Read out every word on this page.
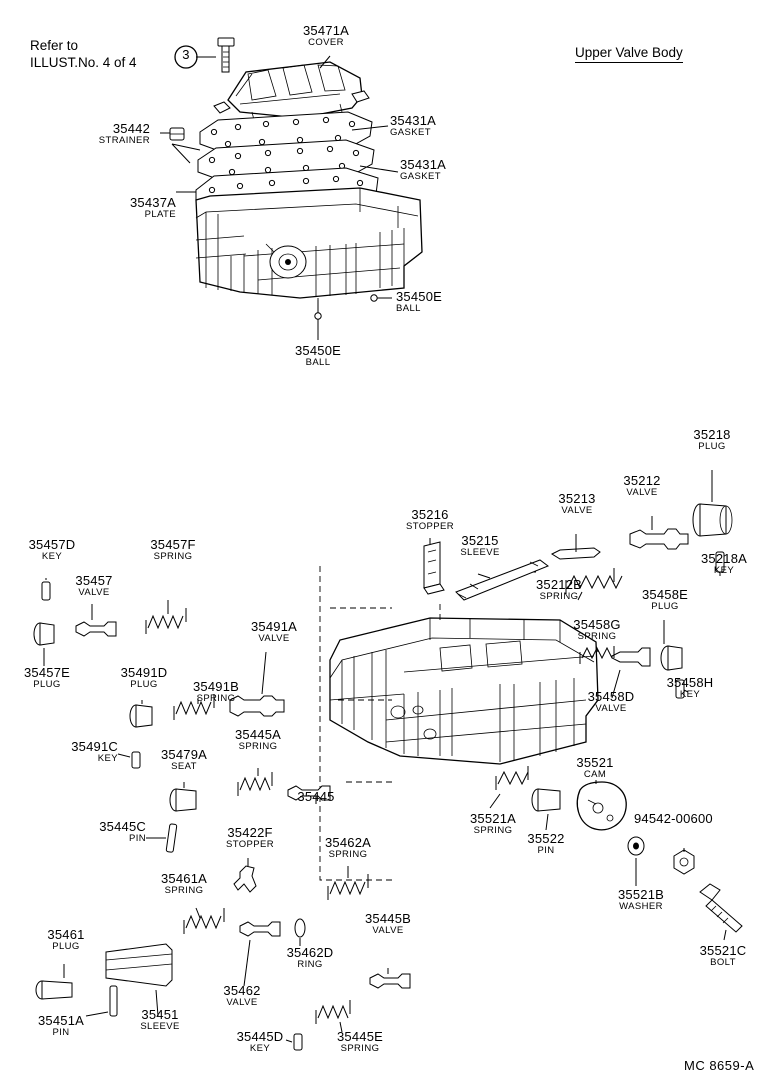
Refer to
ILLUST.No. 4 of 4
3	Upper Valve Body
MC 8659-A
35471A
COVER
35442
STRAINER
35431A
GASKET
35431A
GASKET
35437A
PLATE
35450E
BALL
35450E
BALL
35218
PLUG
35212
VALVE
35218A
KEY
35213
VALVE
35212B
SPRING
35216
STOPPER
35215
SLEEVE
35457D
KEY
35457F
SPRING
35457
VALVE
35457E
PLUG
35491A
VALVE
35491B
SPRING
35491D
PLUG
35491C
KEY
35458E
PLUG
35458G
SPRING
35458D
VALVE
35458H
KEY
35445A
SPRING
35445
35479A
SEAT
35445C
PIN	35422F
STOPPER	35462A
SPRING
35521A
SPRING
35521
CAM
35522
PIN
94542-00600
35521B
WASHER
35521C
BOLT
35461A
SPRING
35461
PLUG	35462D
RING
35462
VALVE
35451
SLEEVE
35451A
PIN
35445B
VALVE
35445D
KEY
35445E
SPRING
